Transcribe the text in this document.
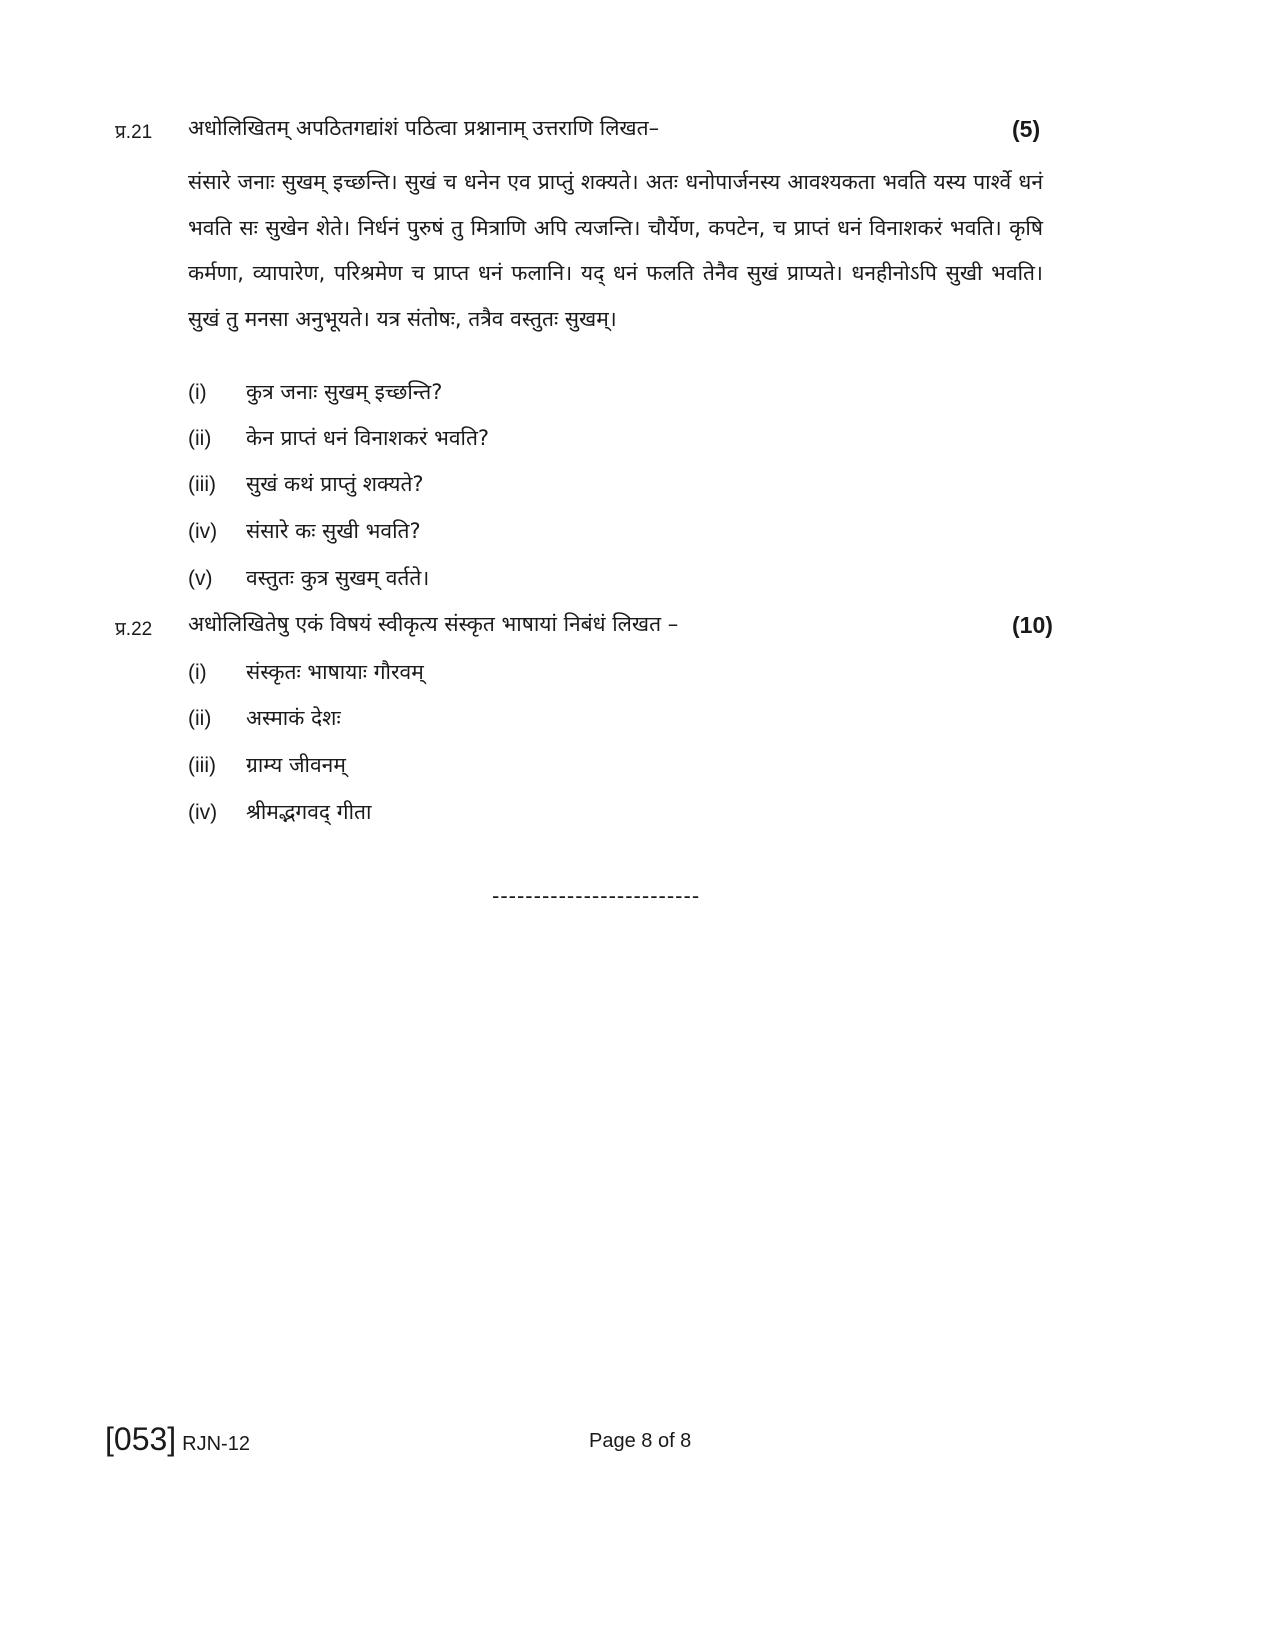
प्र.21 अधोलिखितम् अपठितगद्यांशं पठित्वा प्रश्नानाम् उत्तराणि लिखत–	(5)

संसारे जनाः सुखम् इच्छन्ति। सुखं च धनेन एव प्राप्तुं शक्यते। अतः धनोपार्जनस्य आवश्यकता भवति यस्य पार्श्वे धनं भवति सः सुखेन शेते। निर्धनं पुरुषं तु मित्राणि अपि त्यजन्ति। चौर्येण, कपटेन, च प्राप्तं धनं विनाशकरं भवति। कृषि कर्मणा, व्यापारेण, परिश्रमेण च प्राप्त धनं फलानि। यद् धनं फलति तेनैव सुखं प्राप्यते। धनहीनोऽपि सुखी भवति। सुखं तु मनसा अनुभूयते। यत्र संतोषः, तत्रैव वस्तुतः सुखम्।

(i) कुत्र जनाः सुखम् इच्छन्ति?
(ii) केन प्राप्तं धनं विनाशकरं भवति?
(iii) सुखं कथं प्राप्तुं शक्यते?
(iv) संसारे कः सुखी भवति?
(v) वस्तुतः कुत्र सुखम् वर्तते।
प्र.22 अधोलिखितेषु एकं विषयं स्वीकृत्य संस्कृत भाषायां निबंधं लिखत –	(10)
(i) संस्कृतः भाषायाः गौरवम्
(ii) अस्माकं देशः
(iii) ग्राम्य जीवनम्
(iv) श्रीमद्भगवद् गीता
-------------------------
[053] RJN-12	Page 8 of 8
